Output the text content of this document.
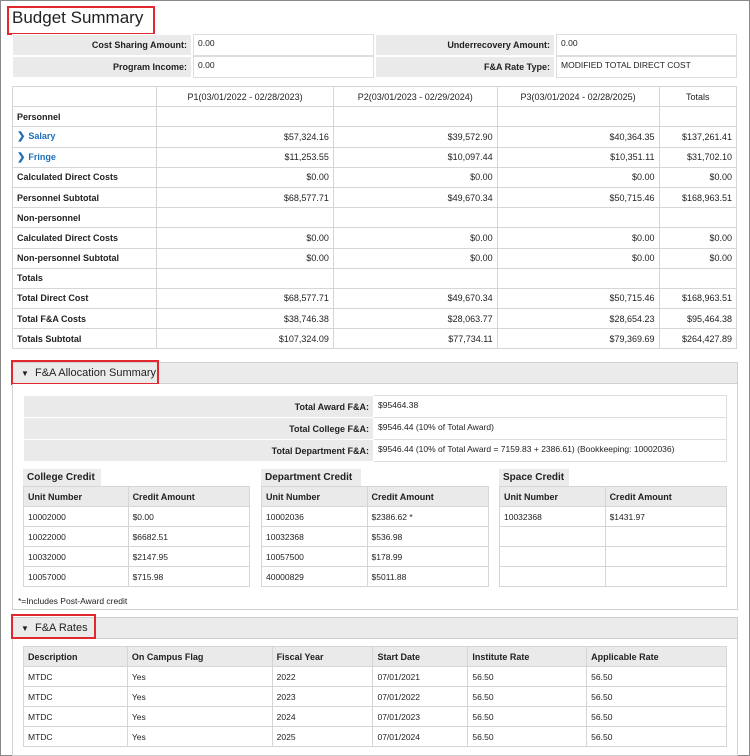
Budget Summary
Cost Sharing Amount:	0.00	Underrecovery Amount:	0.00
Program Income:	0.00	F&A Rate Type:	MODIFIED TOTAL DIRECT COST
	P1(03/01/2022 - 02/28/2023)	P2(03/01/2023 - 02/29/2024)	P3(03/01/2024 - 02/28/2025)	Totals
Personnel				
❯ Salary	$57,324.16	$39,572.90	$40,364.35	$137,261.41
❯ Fringe	$11,253.55	$10,097.44	$10,351.11	$31,702.10
Calculated Direct Costs	$0.00	$0.00	$0.00	$0.00
Personnel Subtotal	$68,577.71	$49,670.34	$50,715.46	$168,963.51
Non-personnel				
Calculated Direct Costs	$0.00	$0.00	$0.00	$0.00
Non-personnel Subtotal	$0.00	$0.00	$0.00	$0.00
Totals				
Total Direct Cost	$68,577.71	$49,670.34	$50,715.46	$168,963.51
Total F&A Costs	$38,746.38	$28,063.77	$28,654.23	$95,464.38
Totals Subtotal	$107,324.09	$77,734.11	$79,369.69	$264,427.89
▼ F&A Allocation Summary
Total Award F&A:	$95464.38
Total College F&A:	$9546.44 (10% of Total Award)
Total Department F&A:	$9546.44 (10% of Total Award = 7159.83 + 2386.61) (Bookkeeping: 10002036)
College Credit
Unit Number	Credit Amount
10002000	$0.00
10022000	$6682.51
10032000	$2147.95
10057000	$715.98
Department Credit
Unit Number	Credit Amount
10002036	$2386.62 *
10032368	$536.98
10057500	$178.99
40000829	$5011.88
Space Credit
Unit Number	Credit Amount
10032368	$1431.97

*=Includes Post-Award credit
▼ F&A Rates
Description	On Campus Flag	Fiscal Year	Start Date	Institute Rate	Applicable Rate
MTDC	Yes	2022	07/01/2021	56.50	56.50
MTDC	Yes	2023	07/01/2022	56.50	56.50
MTDC	Yes	2024	07/01/2023	56.50	56.50
MTDC	Yes	2025	07/01/2024	56.50	56.50
